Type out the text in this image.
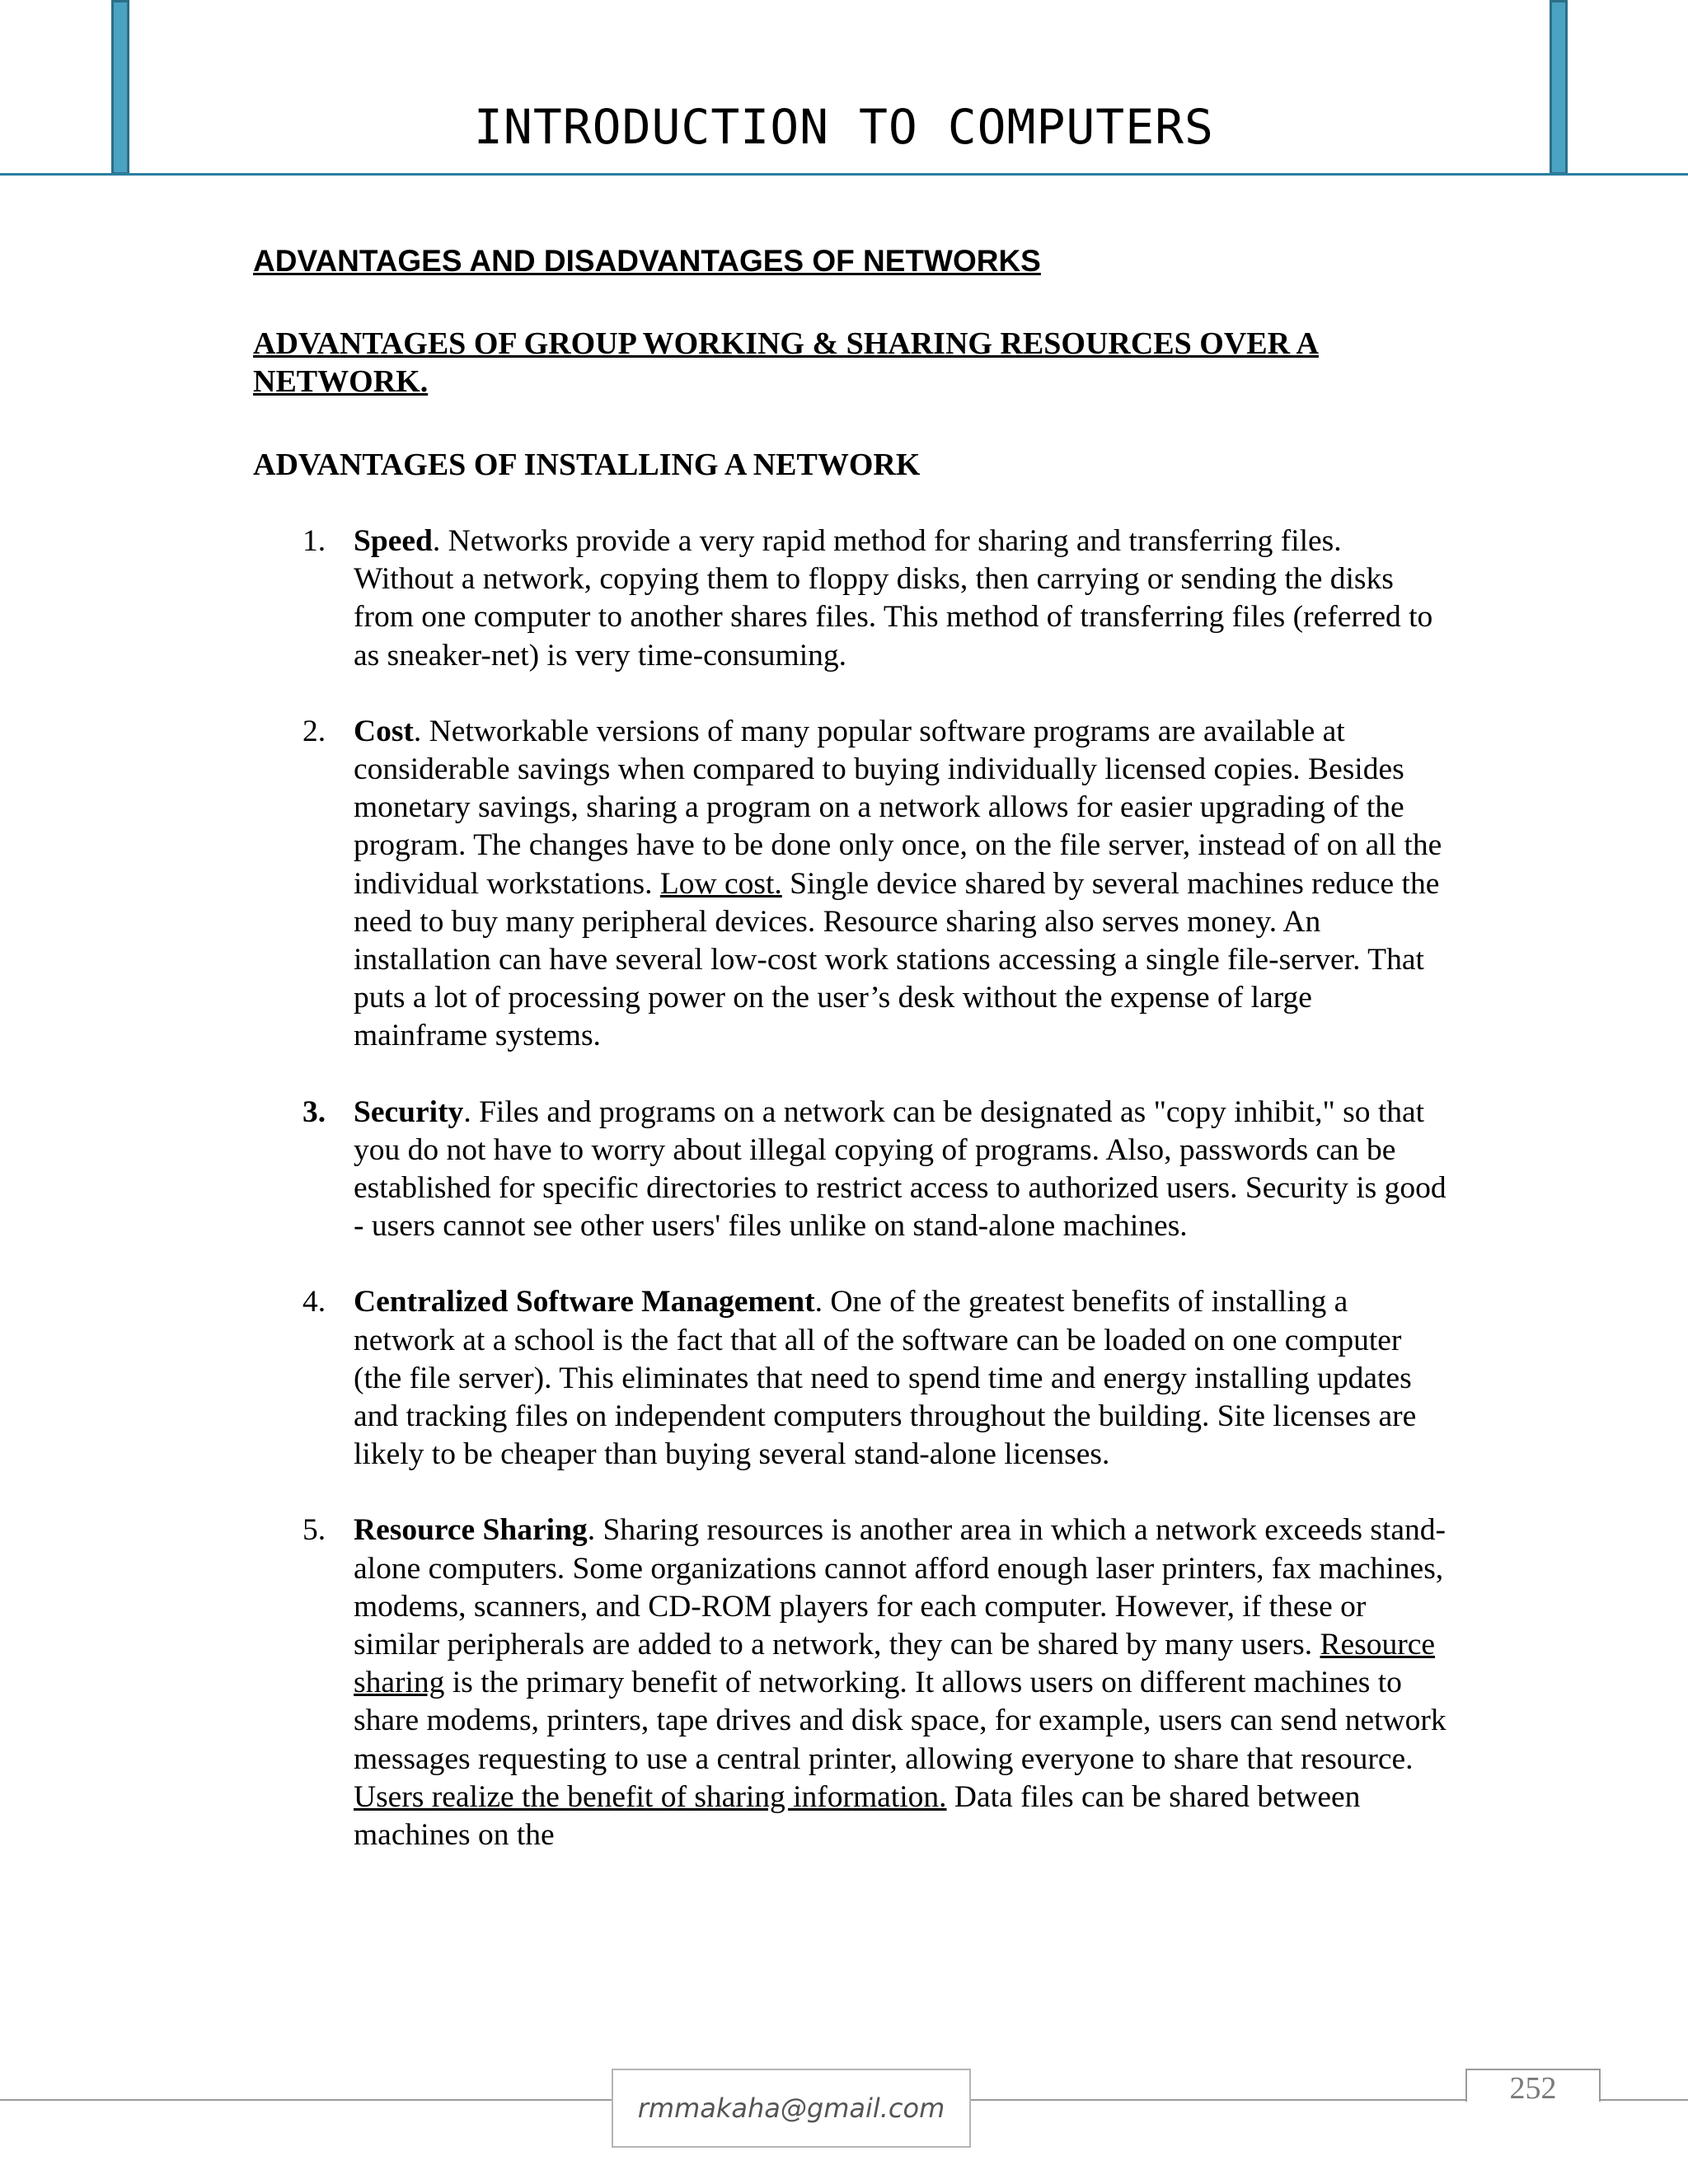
INTRODUCTION TO COMPUTERS
ADVANTAGES AND DISADVANTAGES OF NETWORKS
ADVANTAGES OF GROUP WORKING & SHARING RESOURCES OVER A NETWORK.
ADVANTAGES OF INSTALLING A NETWORK
1. Speed. Networks provide a very rapid method for sharing and transferring files. Without a network, copying them to floppy disks, then carrying or sending the disks from one computer to another shares files. This method of transferring files (referred to as sneaker-net) is very time-consuming.
2. Cost. Networkable versions of many popular software programs are available at considerable savings when compared to buying individually licensed copies. Besides monetary savings, sharing a program on a network allows for easier upgrading of the program. The changes have to be done only once, on the file server, instead of on all the individual workstations. Low cost. Single device shared by several machines reduce the need to buy many peripheral devices. Resource sharing also serves money. An installation can have several low-cost work stations accessing a single file-server. That puts a lot of processing power on the user’s desk without the expense of large mainframe systems.
3. Security. Files and programs on a network can be designated as "copy inhibit," so that you do not have to worry about illegal copying of programs. Also, passwords can be established for specific directories to restrict access to authorized users. Security is good - users cannot see other users' files unlike on stand-alone machines.
4. Centralized Software Management. One of the greatest benefits of installing a network at a school is the fact that all of the software can be loaded on one computer (the file server). This eliminates that need to spend time and energy installing updates and tracking files on independent computers throughout the building. Site licenses are likely to be cheaper than buying several stand-alone licenses.
5. Resource Sharing. Sharing resources is another area in which a network exceeds stand-alone computers. Some organizations cannot afford enough laser printers, fax machines, modems, scanners, and CD-ROM players for each computer. However, if these or similar peripherals are added to a network, they can be shared by many users. Resource sharing is the primary benefit of networking. It allows users on different machines to share modems, printers, tape drives and disk space, for example, users can send network messages requesting to use a central printer, allowing everyone to share that resource. Users realize the benefit of sharing information. Data files can be shared between machines on the
rmmakaha@gmail.com
252
